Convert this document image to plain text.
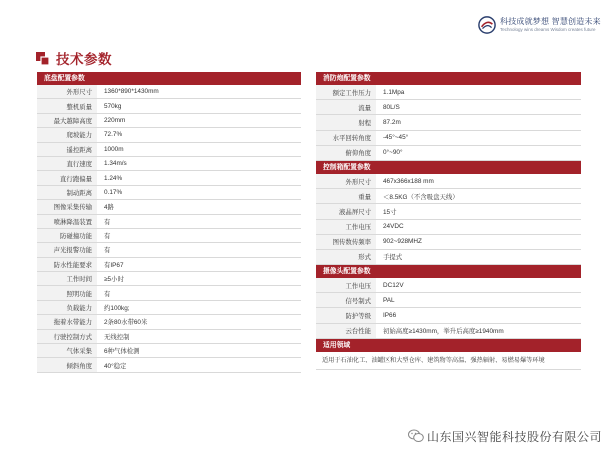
科技成就梦想 智慧创造未来
Technology wins dreams Wisdom creates future
技术参数
底盘配置参数
外形尺寸	1360*890*1430mm
整机质量	570kg
最大越障高度	220mm
爬坡能力	72.7%
遥控距离	1000m
直行速度	1.34m/s
直行跑偏量	1.24%
制动距离	0.17%
图像采集传输	4路
喷淋降温装置	有
防碰撞功能	有
声光报警功能	有
防水性能要求	有IP67
工作时间	≥5小时
照明功能	有
负载能力	约100kg;
拖着水带能力	2条80水带60米
行驶控制方式	无线控制
气体采集	6种气体检测
倾斜角度	40°稳定
消防炮配置参数
额定工作压力	1.1Mpa
流量	80L/S
射程	87.2m
水平回转角度	-45°~45°
俯仰角度	0°~90°
控制箱配置参数
外形尺寸	467x366x188 mm
重量	＜8.5KG（不含吸盘天线）
液晶屏尺寸	15寸
工作电压	24VDC
图传数传频率	902~928MHZ
形式	手提式
摄像头配置参数
工作电压	DC12V
信号制式	PAL
防护等级	IP66
云台性能	初始高度≥1430mm，举升后高度≥1940mm
适用领域
适用于石油化工、油罐区和大型仓库、建筑物等高温、强热辐射、易燃易爆等环境
山东国兴智能科技股份有限公司
